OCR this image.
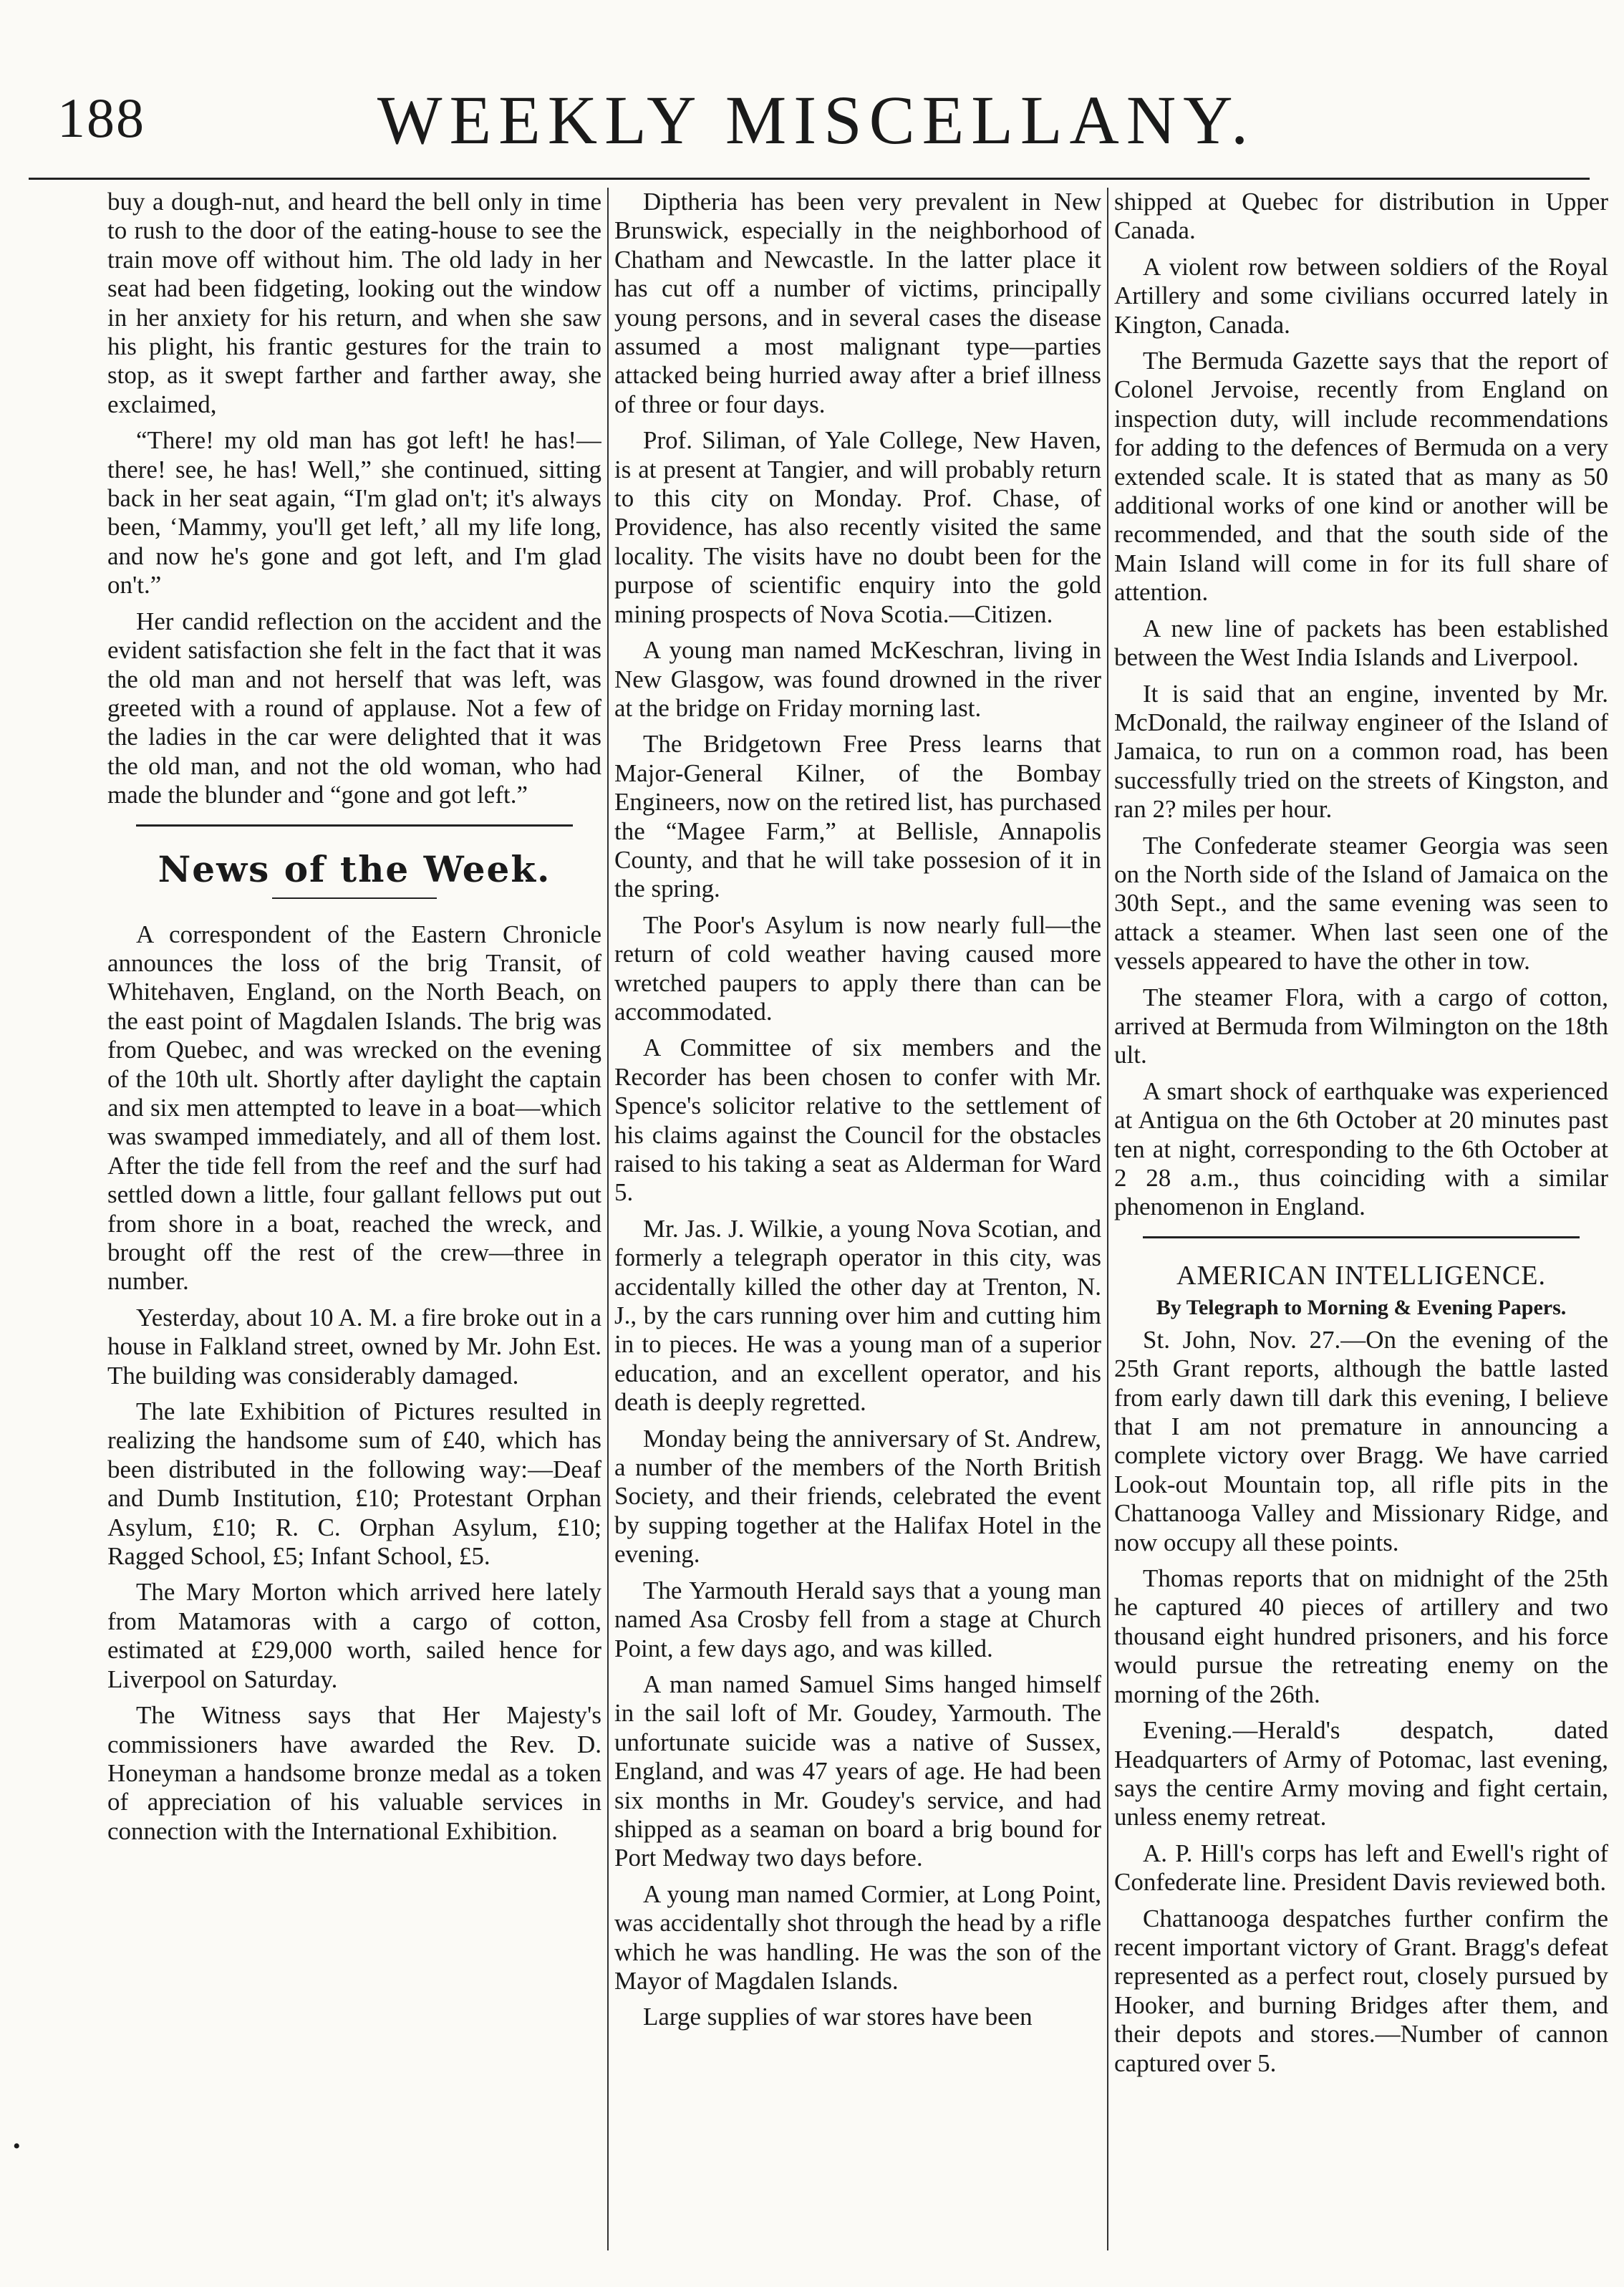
188	WEEKLY MISCELLANY.

buy a dough-nut, and heard the bell only in time to rush to the door of the eating-house to see the train move off without him. The old lady in her seat had been fidgeting, looking out the window in her anxiety for his return, and when she saw his plight, his frantic gestures for the train to stop, as it swept farther and farther away, she exclaimed,

“There! my old man has got left! he has!—there! see, he has! Well,” she continued, sitting back in her seat again, “I'm glad on't; it's always been, ‘Mammy, you'll get left,’ all my life long, and now he's gone and got left, and I'm glad on't.”

Her candid reflection on the accident and the evident satisfaction she felt in the fact that it was the old man and not herself that was left, was greeted with a round of applause. Not a few of the ladies in the car were delighted that it was the old man, and not the old woman, who had made the blunder and “gone and got left.”

News of the Week.

A correspondent of the Eastern Chronicle announces the loss of the brig Transit, of Whitehaven, England, on the North Beach, on the east point of Magdalen Islands. The brig was from Quebec, and was wrecked on the evening of the 10th ult. Shortly after daylight the captain and six men attempted to leave in a boat—which was swamped immediately, and all of them lost. After the tide fell from the reef and the surf had settled down a little, four gallant fellows put out from shore in a boat, reached the wreck, and brought off the rest of the crew—three in number.

Yesterday, about 10 A. M. a fire broke out in a house in Falkland street, owned by Mr. John Est. The building was considerably damaged.

The late Exhibition of Pictures resulted in realizing the handsome sum of £40, which has been distributed in the following way:—Deaf and Dumb Institution, £10; Protestant Orphan Asylum, £10; R. C. Orphan Asylum, £10; Ragged School, £5; Infant School, £5.

The Mary Morton which arrived here lately from Matamoras with a cargo of cotton, estimated at £29,000 worth, sailed hence for Liverpool on Saturday.

The Witness says that Her Majesty's commissioners have awarded the Rev. D. Honeyman a handsome bronze medal as a token of appreciation of his valuable services in connection with the International Exhibition.

Diptheria has been very prevalent in New Brunswick, especially in the neighborhood of Chatham and Newcastle. In the latter place it has cut off a number of victims, principally young persons, and in several cases the disease assumed a most malignant type—parties attacked being hurried away after a brief illness of three or four days.

Prof. Siliman, of Yale College, New Haven, is at present at Tangier, and will probably return to this city on Monday. Prof. Chase, of Providence, has also recently visited the same locality. The visits have no doubt been for the purpose of scientific enquiry into the gold mining prospects of Nova Scotia.—Citizen.

A young man named McKeschran, living in New Glasgow, was found drowned in the river at the bridge on Friday morning last.

The Bridgetown Free Press learns that Major-General Kilner, of the Bombay Engineers, now on the retired list, has purchased the “Magee Farm,” at Bellisle, Annapolis County, and that he will take possesion of it in the spring.

The Poor's Asylum is now nearly full—the return of cold weather having caused more wretched paupers to apply there than can be accommodated.

A Committee of six members and the Recorder has been chosen to confer with Mr. Spence's solicitor relative to the settlement of his claims against the Council for the obstacles raised to his taking a seat as Alderman for Ward 5.

Mr. Jas. J. Wilkie, a young Nova Scotian, and formerly a telegraph operator in this city, was accidentally killed the other day at Trenton, N. J., by the cars running over him and cutting him in to pieces. He was a young man of a superior education, and an excellent operator, and his death is deeply regretted.

Monday being the anniversary of St. Andrew, a number of the members of the North British Society, and their friends, celebrated the event by supping together at the Halifax Hotel in the evening.

The Yarmouth Herald says that a young man named Asa Crosby fell from a stage at Church Point, a few days ago, and was killed.

A man named Samuel Sims hanged himself in the sail loft of Mr. Goudey, Yarmouth. The unfortunate suicide was a native of Sussex, England, and was 47 years of age. He had been six months in Mr. Goudey's service, and had shipped as a seaman on board a brig bound for Port Medway two days before.

A young man named Cormier, at Long Point, was accidentally shot through the head by a rifle which he was handling. He was the son of the Mayor of Magdalen Islands.

Large supplies of war stores have been

shipped at Quebec for distribution in Upper Canada.

A violent row between soldiers of the Royal Artillery and some civilians occurred lately in Kington, Canada.

The Bermuda Gazette says that the report of Colonel Jervoise, recently from England on inspection duty, will include recommendations for adding to the defences of Bermuda on a very extended scale. It is stated that as many as 50 additional works of one kind or another will be recommended, and that the south side of the Main Island will come in for its full share of attention.

A new line of packets has been established between the West India Islands and Liverpool.

It is said that an engine, invented by Mr. McDonald, the railway engineer of the Island of Jamaica, to run on a common road, has been successfully tried on the streets of Kingston, and ran 2? miles per hour.

The Confederate steamer Georgia was seen on the North side of the Island of Jamaica on the 30th Sept., and the same evening was seen to attack a steamer. When last seen one of the vessels appeared to have the other in tow.

The steamer Flora, with a cargo of cotton, arrived at Bermuda from Wilmington on the 18th ult.

A smart shock of earthquake was experienced at Antigua on the 6th October at 20 minutes past ten at night, corresponding to the 6th October at 2 28 a.m., thus coinciding with a similar phenomenon in England.

AMERICAN INTELLIGENCE.
By Telegraph to Morning & Evening Papers.

St. John, Nov. 27.—On the evening of the 25th Grant reports, although the battle lasted from early dawn till dark this evening, I believe that I am not premature in announcing a complete victory over Bragg. We have carried Look-out Mountain top, all rifle pits in the Chattanooga Valley and Missionary Ridge, and now occupy all these points.

Thomas reports that on midnight of the 25th he captured 40 pieces of artillery and two thousand eight hundred prisoners, and his force would pursue the retreating enemy on the morning of the 26th.

Evening.—Herald's despatch, dated Headquarters of Army of Potomac, last evening, says the centire Army moving and fight certain, unless enemy retreat.

A. P. Hill's corps has left and Ewell's right of Confederate line. President Davis reviewed both.

Chattanooga despatches further confirm the recent important victory of Grant. Bragg's defeat represented as a perfect rout, closely pursued by Hooker, and burning Bridges after them, and their depots and stores.—Number of cannon captured over 5.

•
